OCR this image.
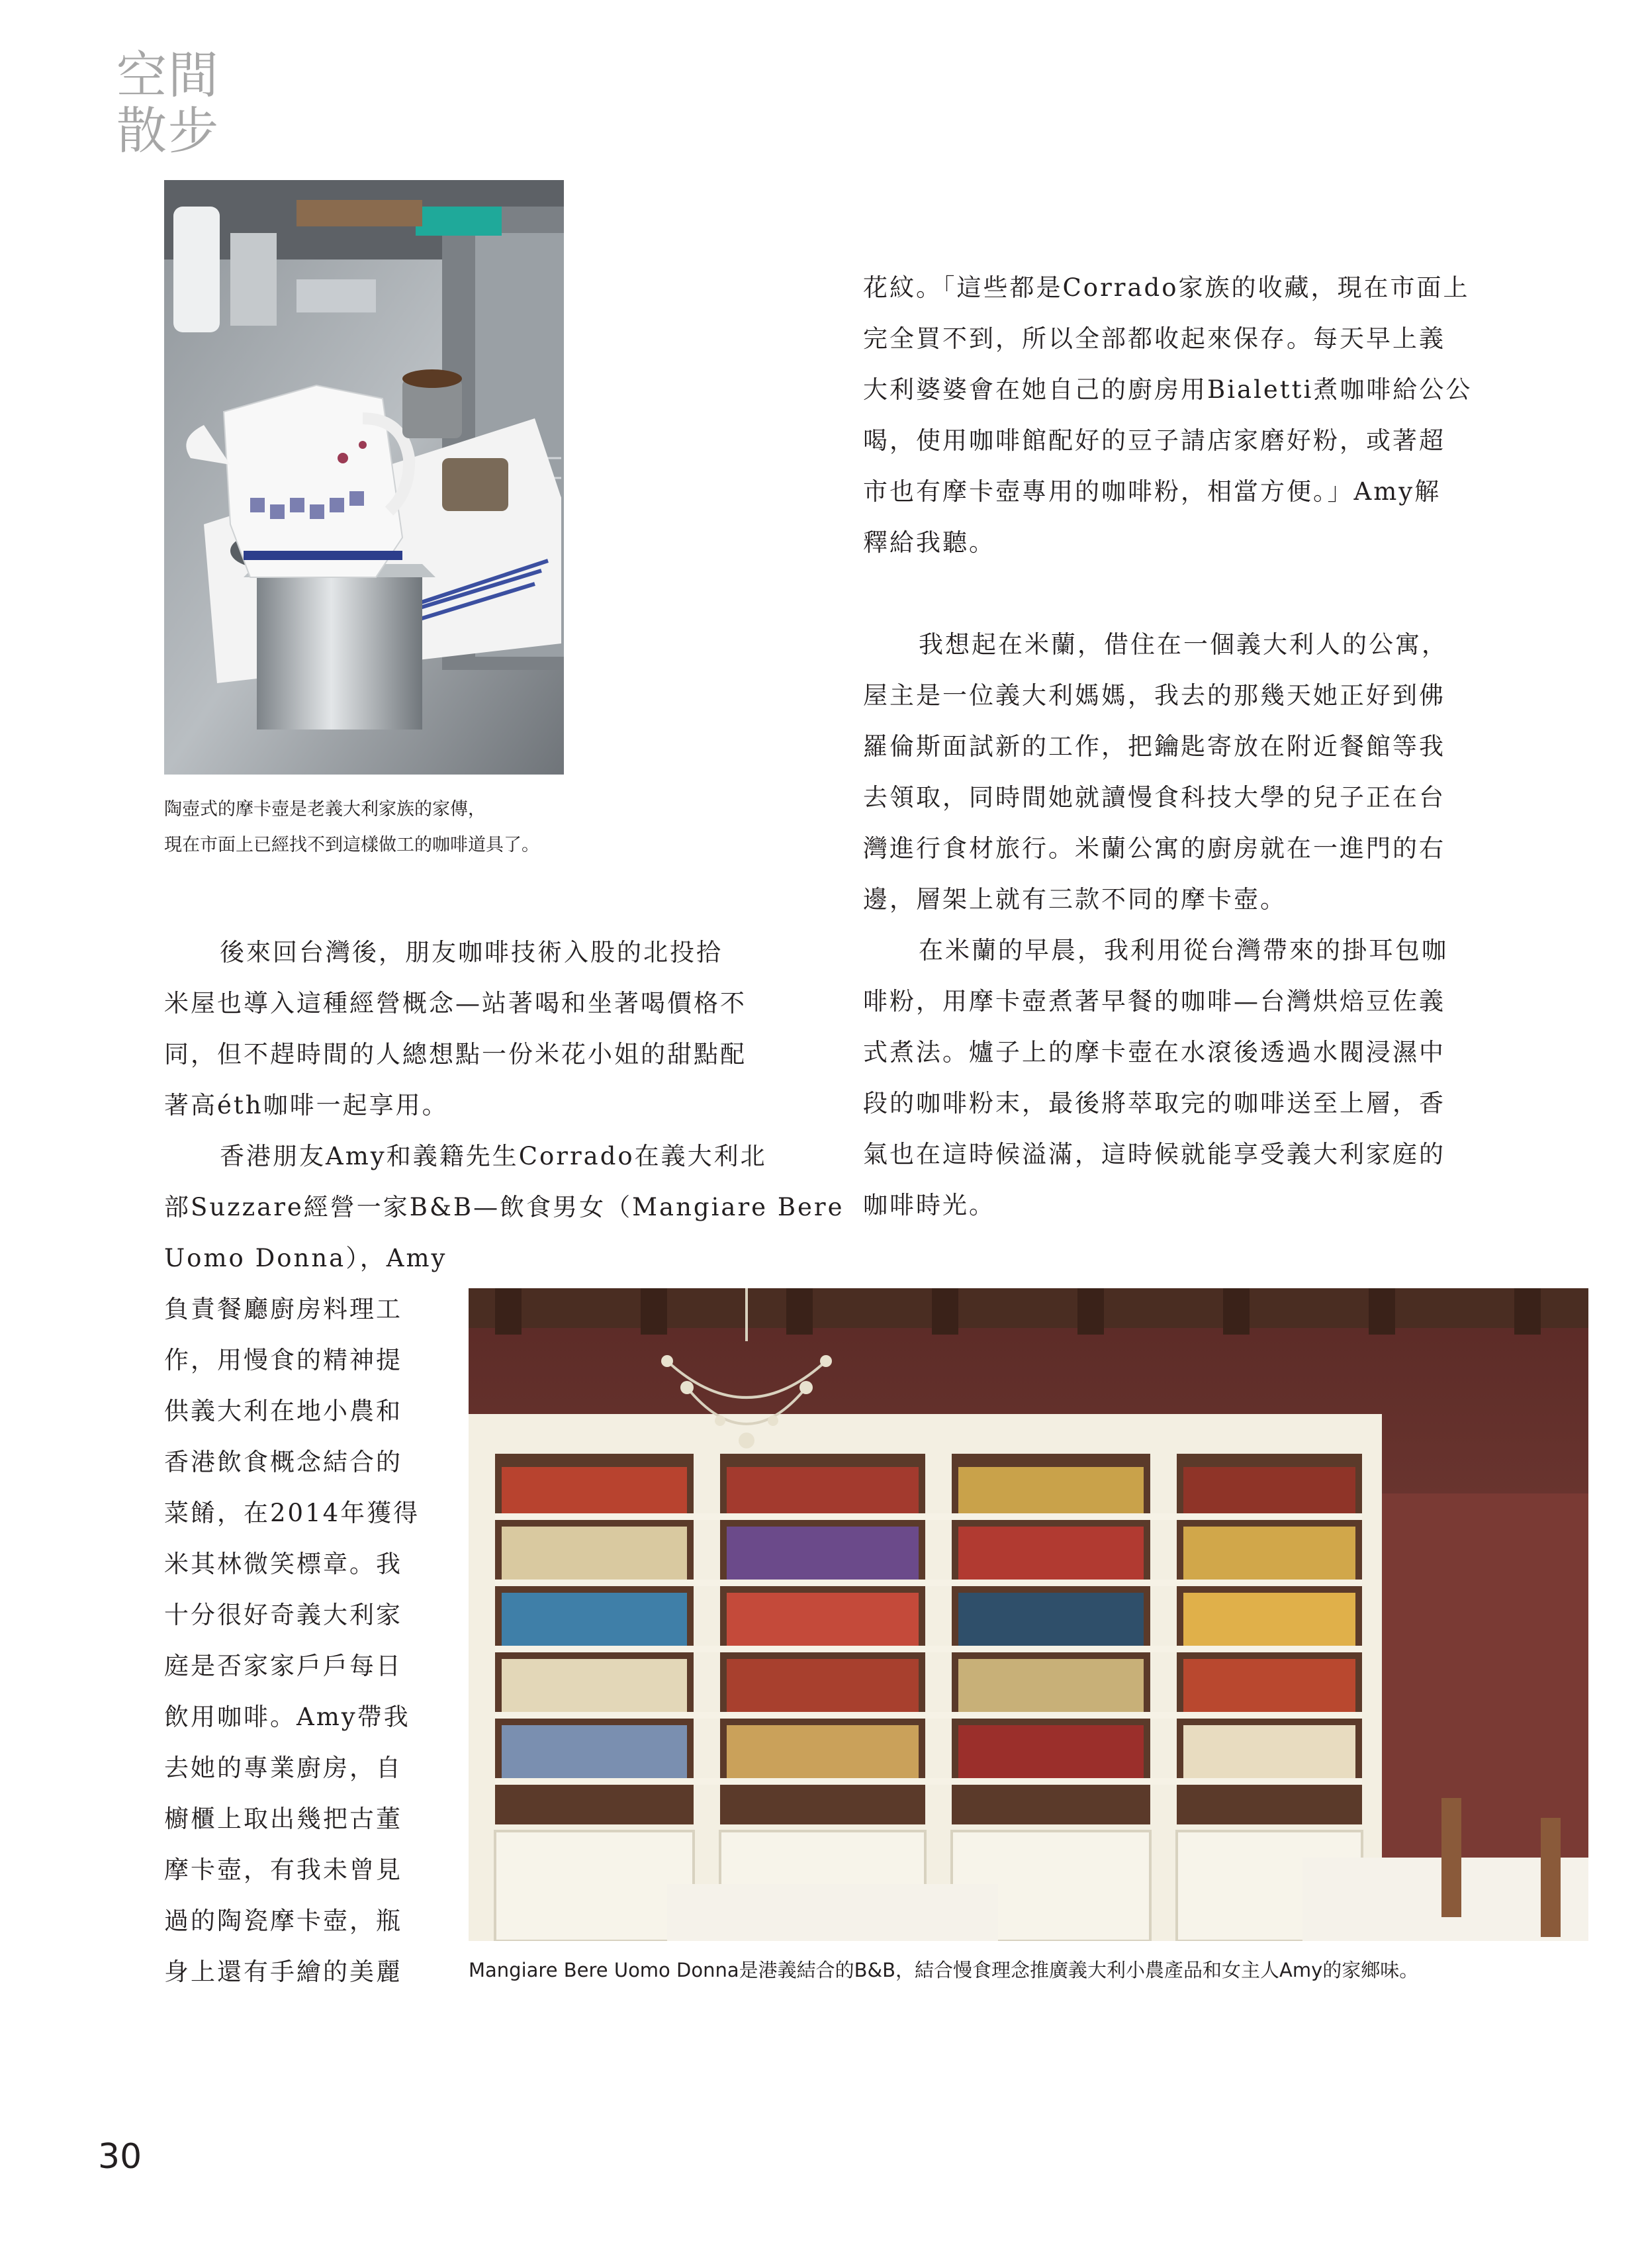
空間
散步
陶壺式的摩卡壺是老義大利家族的家傳，
現在市面上已經找不到這樣做工的咖啡道具了。

花紋。「這些都是Corrado家族的收藏，現在市面上
完全買不到，所以全部都收起來保存。每天早上義
大利婆婆會在她自己的廚房用Bialetti煮咖啡給公公
喝，使用咖啡館配好的豆子請店家磨好粉，或著超
市也有摩卡壺專用的咖啡粉，相當方便。」Amy解
釋給我聽。

我想起在米蘭，借住在一個義大利人的公寓，
屋主是一位義大利媽媽，我去的那幾天她正好到佛
羅倫斯面試新的工作，把鑰匙寄放在附近餐館等我
去領取，同時間她就讀慢食科技大學的兒子正在台
灣進行食材旅行。米蘭公寓的廚房就在一進門的右
邊，層架上就有三款不同的摩卡壺。

在米蘭的早晨，我利用從台灣帶來的掛耳包咖
啡粉，用摩卡壺煮著早餐的咖啡—台灣烘焙豆佐義
式煮法。爐子上的摩卡壺在水滾後透過水閥浸濕中
段的咖啡粉末，最後將萃取完的咖啡送至上層，香
氣也在這時候溢滿，這時候就能享受義大利家庭的
咖啡時光。

後來回台灣後，朋友咖啡技術入股的北投拾
米屋也導入這種經營概念—站著喝和坐著喝價格不
同，但不趕時間的人總想點一份米花小姐的甜點配
著高éth咖啡一起享用。

香港朋友Amy和義籍先生Corrado在義大利北
部Suzzare經營一家B&B—飲食男女（Mangiare Bere
Uomo Donna），Amy

負責餐廳廚房料理工
作，用慢食的精神提
供義大利在地小農和
香港飲食概念結合的
菜餚，在2014年獲得
米其林微笑標章。我
十分很好奇義大利家
庭是否家家戶戶每日
飲用咖啡。Amy帶我
去她的專業廚房，自
櫥櫃上取出幾把古董
摩卡壺，有我未曾見
過的陶瓷摩卡壺，瓶
身上還有手繪的美麗	Mangiare Bere Uomo Donna是港義結合的B&B，結合慢食理念推廣義大利小農產品和女主人Amy的家鄉味。
30
